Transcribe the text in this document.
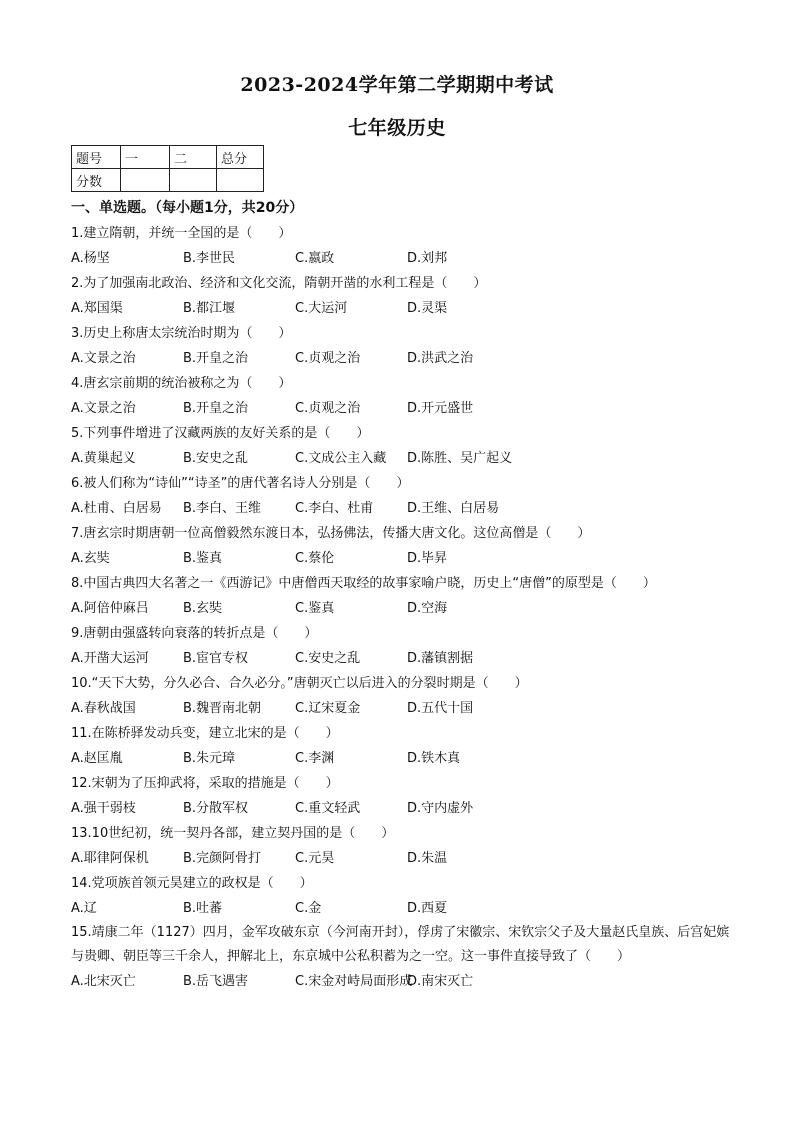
2023-2024学年第二学期期中考试
七年级历史
题号	一	二	总分
分数			
一、单选题。（每小题1分，共20分）
1.建立隋朝，并统一全国的是（　　）
A.杨坚	B.李世民	C.嬴政	D.刘邦
2.为了加强南北政治、经济和文化交流，隋朝开凿的水利工程是（　　）
A.郑国渠	B.都江堰	C.大运河	D.灵渠
3.历史上称唐太宗统治时期为（　　）
A.文景之治	B.开皇之治	C.贞观之治	D.洪武之治
4.唐玄宗前期的统治被称之为（　　）
A.文景之治	B.开皇之治	C.贞观之治	D.开元盛世
5.下列事件增进了汉藏两族的友好关系的是（　　）
A.黄巢起义	B.安史之乱	C.文成公主入藏	D.陈胜、吴广起义
6.被人们称为“诗仙”“诗圣”的唐代著名诗人分别是（　　）
A.杜甫、白居易	B.李白、王维	C.李白、杜甫	D.王维、白居易
7.唐玄宗时期唐朝一位高僧毅然东渡日本，弘扬佛法，传播大唐文化。这位高僧是（　　）
A.玄奘	B.鉴真	C.蔡伦	D.毕昇
8.中国古典四大名著之一《西游记》中唐僧西天取经的故事家喻户晓，历史上“唐僧”的原型是（　　）
A.阿倍仲麻吕	B.玄奘	C.鉴真	D.空海
9.唐朝由强盛转向衰落的转折点是（　　）
A.开凿大运河	B.宦官专权	C.安史之乱	D.藩镇割据
10.“天下大势，分久必合、合久必分。”唐朝灭亡以后进入的分裂时期是（　　）
A.春秋战国	B.魏晋南北朝	C.辽宋夏金	D.五代十国
11.在陈桥驿发动兵变，建立北宋的是（　　）
A.赵匡胤	B.朱元璋	C.李渊	D.铁木真
12.宋朝为了压抑武将，采取的措施是（　　）
A.强干弱枝	B.分散军权	C.重文轻武	D.守内虚外
13.10世纪初，统一契丹各部，建立契丹国的是（　　）
A.耶律阿保机	B.完颜阿骨打	C.元昊	D.朱温
14.党项族首领元昊建立的政权是（　　）
A.辽	B.吐蕃	C.金	D.西夏
15.靖康二年（1127）四月，金军攻破东京（今河南开封），俘虏了宋徽宗、宋钦宗父子及大量赵氏皇族、后宫妃嫔与贵卿、朝臣等三千余人，押解北上，东京城中公私积蓄为之一空。这一事件直接导致了（　　）
A.北宋灭亡	B.岳飞遇害	C.宋金对峙局面形成
D.南宋灭亡
